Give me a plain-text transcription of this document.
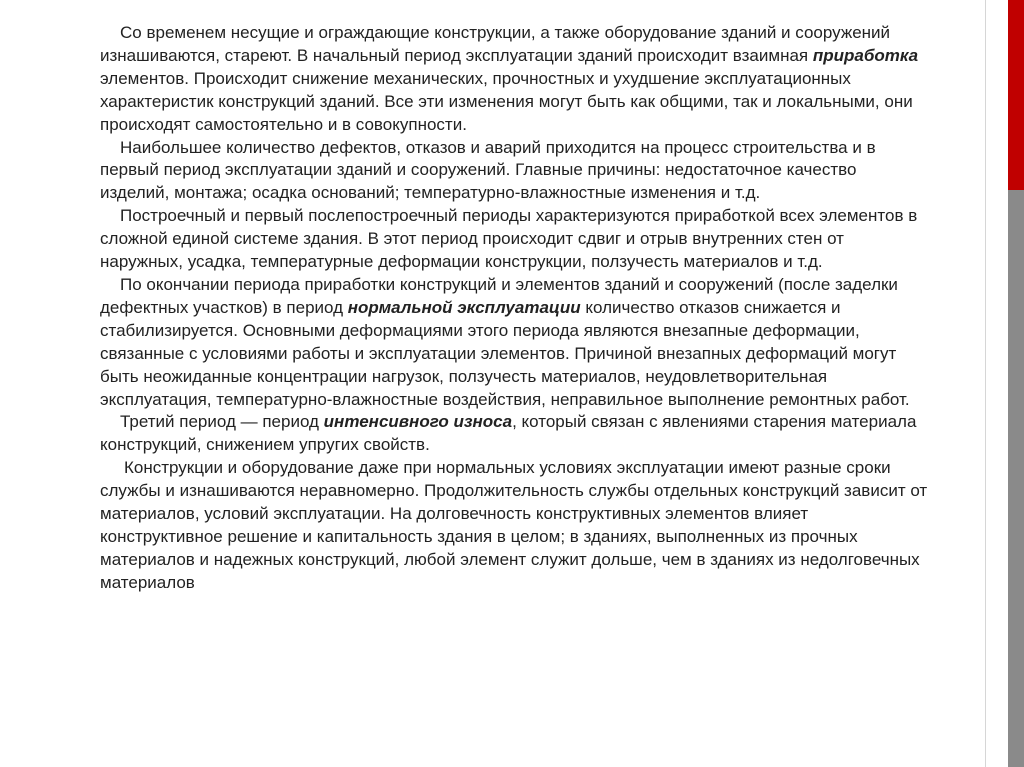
Со временем несущие и ограждающие конструкции, а также оборудование зданий и сооружений изнашиваются, стареют. В начальный период эксплуатации зданий происходит взаимная приработка элементов. Происходит снижение механических, прочностных и ухудшение эксплуатационных характеристик конструкций зданий. Все эти изменения могут быть как общими, так и локальными, они происходят самостоятельно и в совокупности.

Наибольшее количество дефектов, отказов и аварий приходится на процесс строительства и в первый период эксплуатации зданий и сооружений. Главные причины: недостаточное качество изделий, монтажа; осадка оснований; температурно-влажностные изменения и т.д.

Построечный и первый послепостроечный периоды характеризуются приработкой всех элементов в сложной единой системе здания. В этот период происходит сдвиг и отрыв внутренних стен от наружных, усадка, температурные деформации конструкции, ползучесть материалов и т.д.

По окончании периода приработки конструкций и элементов зданий и сооружений (после заделки дефектных участков) в период нормальной эксплуатации количество отказов снижается и стабилизируется. Основными деформациями этого периода являются внезапные деформации, связанные с условиями работы и эксплуатации элементов. Причиной внезапных деформаций могут быть неожиданные концентрации нагрузок, ползучесть материалов, неудовлетворительная эксплуатация, температурно-влажностные воздействия, неправильное выполнение ремонтных работ.

Третий период — период интенсивного износа, который связан с явлениями старения материала конструкций, снижением упругих свойств.

Конструкции и оборудование даже при нормальных условиях эксплуатации имеют разные сроки службы и изнашиваются неравномерно. Продолжительность службы отдельных конструкций зависит от материалов, условий эксплуатации. На долговечность конструктивных элементов влияет конструктивное решение и капитальность здания в целом; в зданиях, выполненных из прочных материалов и надежных конструкций, любой элемент служит дольше, чем в зданиях из недолговечных материалов
